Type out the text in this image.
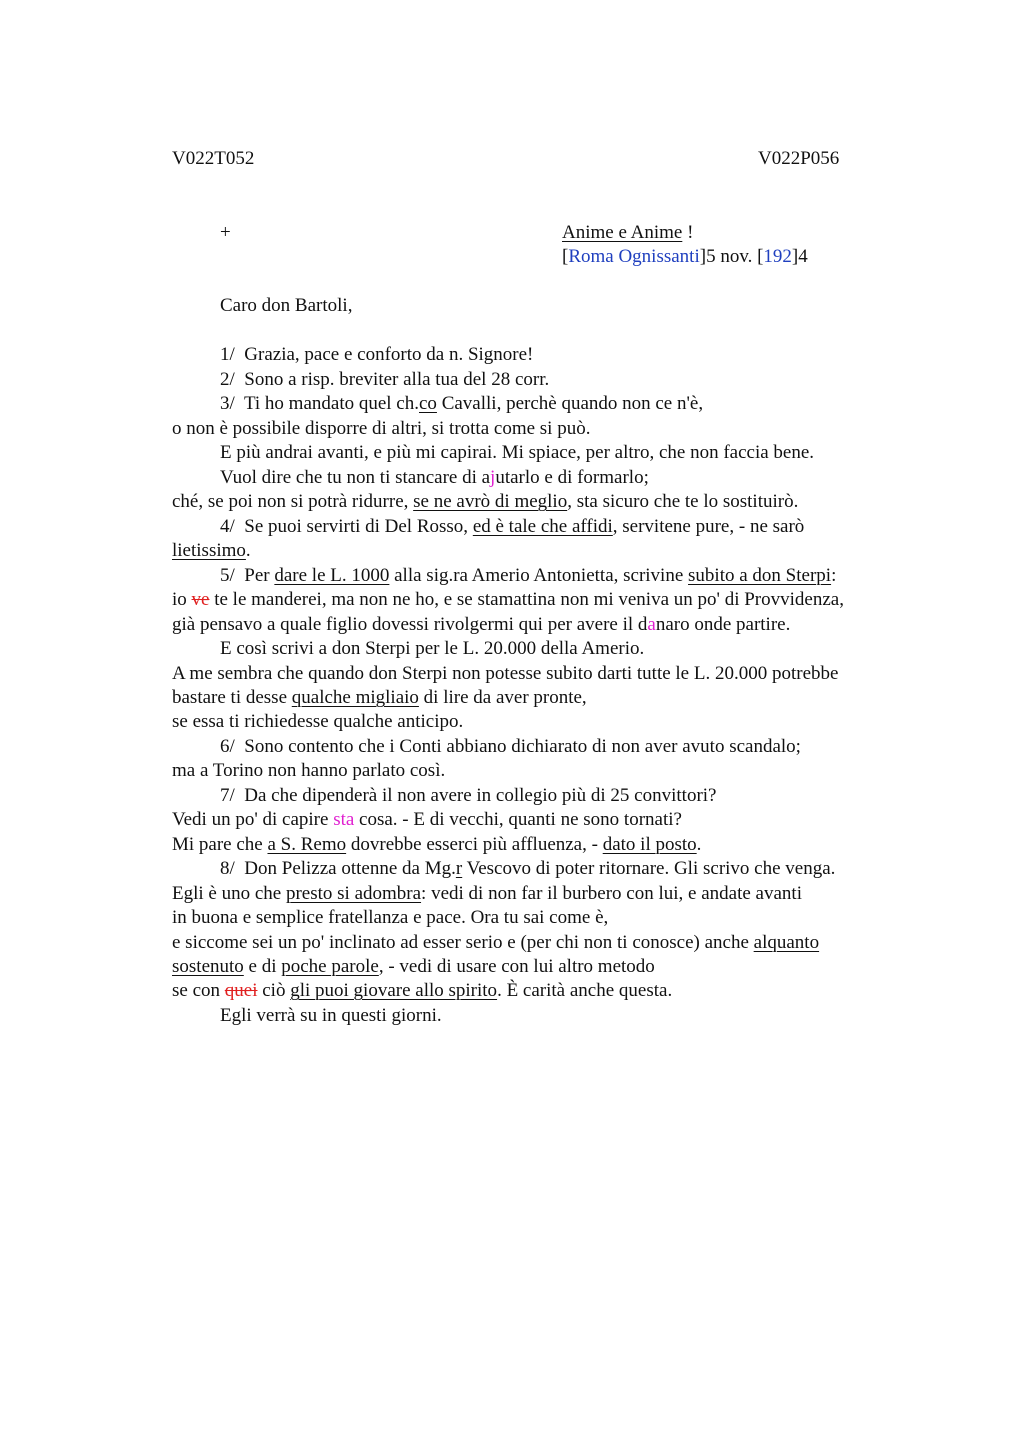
V022T052	V022P056
+	Anime e Anime !
[Roma Ognissanti]5 nov. [192]4
Caro don Bartoli,
1/ Grazia, pace e conforto da n. Signore!
2/ Sono a risp. breviter alla tua del 28 corr.
3/ Ti ho mandato quel ch.co Cavalli, perchè quando non ce n'è,
o non è possibile disporre di altri, si trotta come si può.
E più andrai avanti, e più mi capirai. Mi spiace, per altro, che non faccia bene.
Vuol dire che tu non ti stancare di ajutarlo e di formarlo;
ché, se poi non si potrà ridurre, se ne avrò di meglio, sta sicuro che te lo sostituirò.
4/ Se puoi servirti di Del Rosso, ed è tale che affidi, servitene pure, - ne sarò
lietissimo.
5/ Per dare le L. 1000 alla sig.ra Amerio Antonietta, scrivine subito a don Sterpi:
io ve te le manderei, ma non ne ho, e se stamattina non mi veniva un po' di Provvidenza,
già pensavo a quale figlio dovessi rivolgermi qui per avere il danaro onde partire.
E così scrivi a don Sterpi per le L. 20.000 della Amerio.
A me sembra che quando don Sterpi non potesse subito darti tutte le L. 20.000 potrebbe
bastare ti desse qualche migliaio di lire da aver pronte,
se essa ti richiedesse qualche anticipo.
6/ Sono contento che i Conti abbiano dichiarato di non aver avuto scandalo;
ma a Torino non hanno parlato così.
7/ Da che dipenderà il non avere in collegio più di 25 convittori?
Vedi un po' di capire sta cosa. - E di vecchi, quanti ne sono tornati?
Mi pare che a S. Remo dovrebbe esserci più affluenza, - dato il posto.
8/ Don Pelizza ottenne da Mg.r Vescovo di poter ritornare. Gli scrivo che venga.
Egli è uno che presto si adombra: vedi di non far il burbero con lui, e andate avanti
in buona e semplice fratellanza e pace. Ora tu sai come è,
e siccome sei un po' inclinato ad esser serio e (per chi non ti conosce) anche alquanto
sostenuto e di poche parole, - vedi di usare con lui altro metodo
se con quei ciò gli puoi giovare allo spirito. È carità anche questa.
Egli verrà su in questi giorni.
